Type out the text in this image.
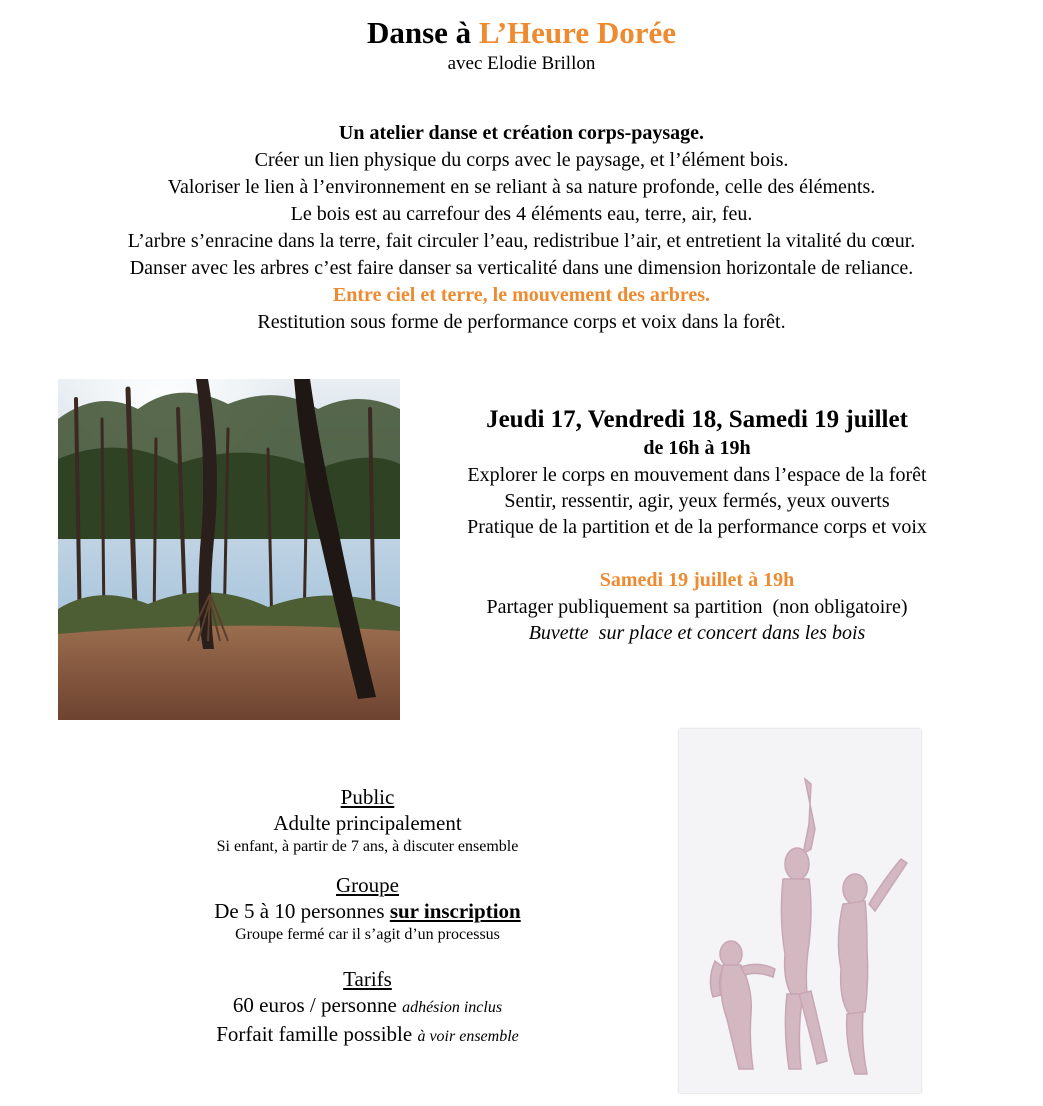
Danse à L’Heure Dorée
avec Elodie Brillon
Un atelier danse et création corps-paysage.
Créer un lien physique du corps avec le paysage, et l’élément bois.
Valoriser le lien à l’environnement en se reliant à sa nature profonde, celle des éléments.
Le bois est au carrefour des 4 éléments eau, terre, air, feu.
L’arbre s’enracine dans la terre, fait circuler l’eau, redistribue l’air, et entretient la vitalité du cœur.
Danser avec les arbres c’est faire danser sa verticalité dans une dimension horizontale de reliance.
Entre ciel et terre, le mouvement des arbres.
Restitution sous forme de performance corps et voix dans la forêt.
Jeudi 17, Vendredi 18, Samedi 19 juillet
de 16h à 19h
Explorer le corps en mouvement dans l’espace de la forêt
Sentir, ressentir, agir, yeux fermés, yeux ouverts
Pratique de la partition et de la performance corps et voix
Samedi 19 juillet à 19h
Partager publiquement sa partition  (non obligatoire)
Buvette  sur place et concert dans les bois
Public
Adulte principalement
Si enfant, à partir de 7 ans, à discuter ensemble
Groupe
De 5 à 10 personnes sur inscription
Groupe fermé car il s’agit d’un processus
Tarifs
60 euros / personne adhésion inclus
Forfait famille possible à voir ensemble
